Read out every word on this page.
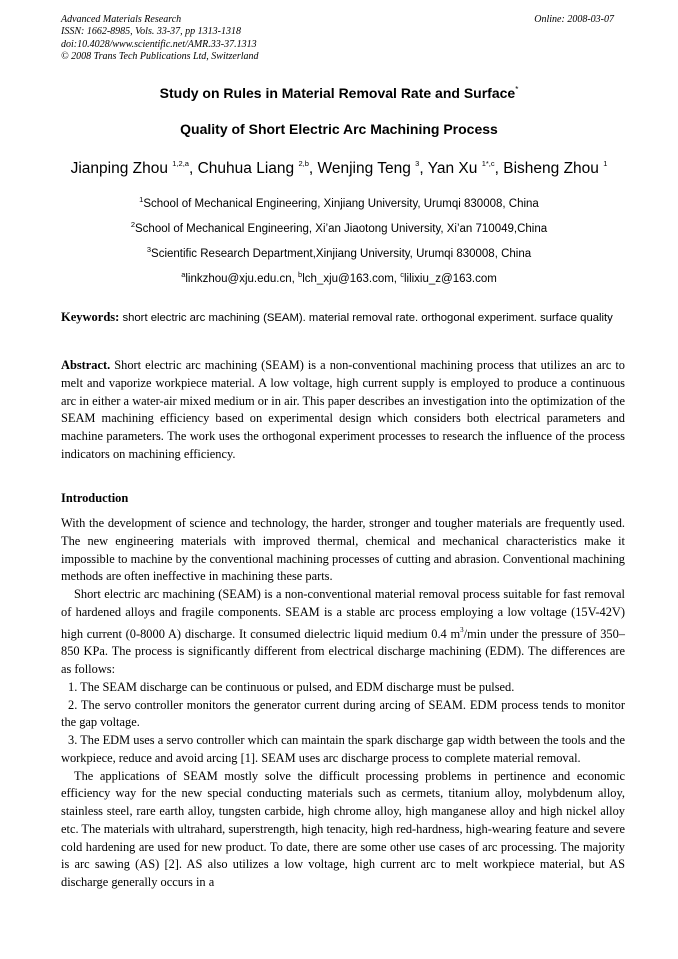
Advanced Materials Research
ISSN: 1662-8985, Vols. 33-37, pp 1313-1318
doi:10.4028/www.scientific.net/AMR.33-37.1313
© 2008 Trans Tech Publications Ltd, Switzerland
Online: 2008-03-07
Study on Rules in Material Removal Rate and Surface*
Quality of Short Electric Arc Machining Process
Jianping Zhou $^{1,2,a}$, Chuhua Liang $^{2,b}$, Wenjing Teng $^3$, Yan Xu $^{1*,c}$, Bisheng Zhou $^1$
$^1$School of Mechanical Engineering, Xinjiang University, Urumqi 830008, China
$^2$School of Mechanical Engineering, Xi’an Jiaotong University, Xi’an 710049,China
$^3$Scientific Research Department,Xinjiang University, Urumqi 830008, China
$^a$linkzhou@xju.edu.cn, $^b$lch_xju@163.com, $^c$lilixiu_z@163.com
Keywords: short electric arc machining (SEAM). material removal rate. orthogonal experiment. surface quality

Abstract. Short electric arc machining (SEAM) is a non-conventional machining process that utilizes an arc to melt and vaporize workpiece material. A low voltage, high current supply is employed to produce a continuous arc in either a water-air mixed medium or in air. This paper describes an investigation into the optimization of the SEAM machining efficiency based on experimental design which considers both electrical parameters and machine parameters. The work uses the orthogonal experiment processes to research the influence of the process indicators on machining efficiency.

Introduction

With the development of science and technology, the harder, stronger and tougher materials are frequently used. The new engineering materials with improved thermal, chemical and mechanical characteristics make it impossible to machine by the conventional machining processes of cutting and abrasion. Conventional machining methods are often ineffective in machining these parts.

Short electric arc machining (SEAM) is a non-conventional material removal process suitable for fast removal of hardened alloys and fragile components. SEAM is a stable arc process employing a low voltage (15V-42V) high current (0-8000 A) discharge. It consumed dielectric liquid medium 0.4 $m^3/\min$ under the pressure of 350–850 KPa. The process is significantly different from electrical discharge machining (EDM). The differences are as follows:

1. The SEAM discharge can be continuous or pulsed, and EDM discharge must be pulsed.

2. The servo controller monitors the generator current during arcing of SEAM. EDM process tends to monitor the gap voltage.

3. The EDM uses a servo controller which can maintain the spark discharge gap width between the tools and the workpiece, reduce and avoid arcing [1]. SEAM uses arc discharge process to complete material removal.

The applications of SEAM mostly solve the difficult processing problems in pertinence and economic efficiency way for the new special conducting materials such as cermets, titanium alloy, molybdenum alloy, stainless steel, rare earth alloy, tungsten carbide, high chrome alloy, high manganese alloy and high nickel alloy etc. The materials with ultrahard, superstrength, high tenacity, high red-hardness, high-wearing feature and severe cold hardening are used for new product. To date, there are some other use cases of arc processing. The majority is arc sawing (AS) [2]. AS also utilizes a low voltage, high current arc to melt workpiece material, but AS discharge generally occurs in a
